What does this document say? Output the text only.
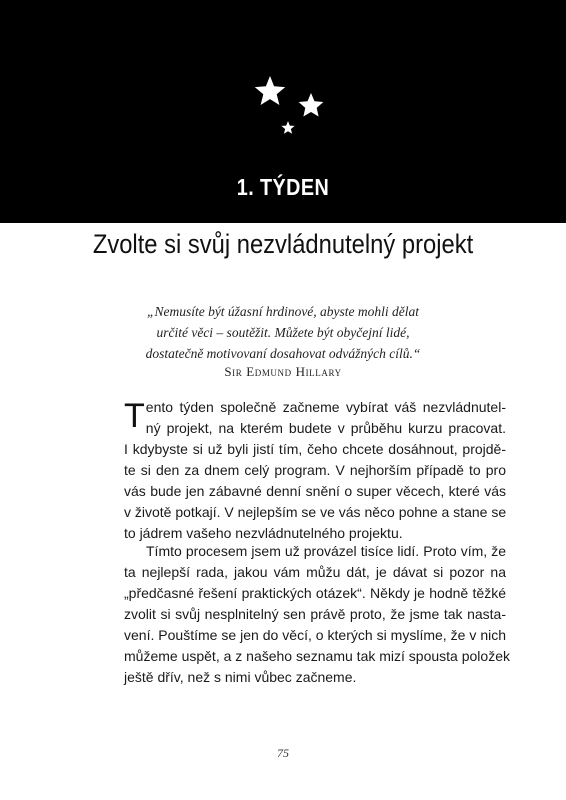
1. TÝDEN
Zvolte si svůj nezvládnutelný projekt
„Nemusíte být úžasní hrdinové, abyste mohli dělat
určité věci – soutěžit. Můžete být obyčejní lidé,
dostatečně motivovaní dosahovat odvážných cílů.“
Sir Edmund Hillary
T ento týden společně začneme vybírat váš nezvládnutel-
ný projekt, na kterém budete v průběhu kurzu pracovat.
I kdybyste si už byli jistí tím, čeho chcete dosáhnout, projdě-
te si den za dnem celý program. V nejhorším případě to pro
vás bude jen zábavné denní snění o super věcech, které vás
v životě potkají. V nejlepším se ve vás něco pohne a stane se
to jádrem vašeho nezvládnutelného projektu.
Tímto procesem jsem už provázel tisíce lidí. Proto vím, že
ta nejlepší rada, jakou vám můžu dát, je dávat si pozor na
„předčasné řešení praktických otázek“. Někdy je hodně těžké
zvolit si svůj nesplnitelný sen právě proto, že jsme tak nasta-
vení. Pouštíme se jen do věcí, o kterých si myslíme, že v nich
můžeme uspět, a z našeho seznamu tak mizí spousta položek
ještě dřív, než s nimi vůbec začneme.
75
